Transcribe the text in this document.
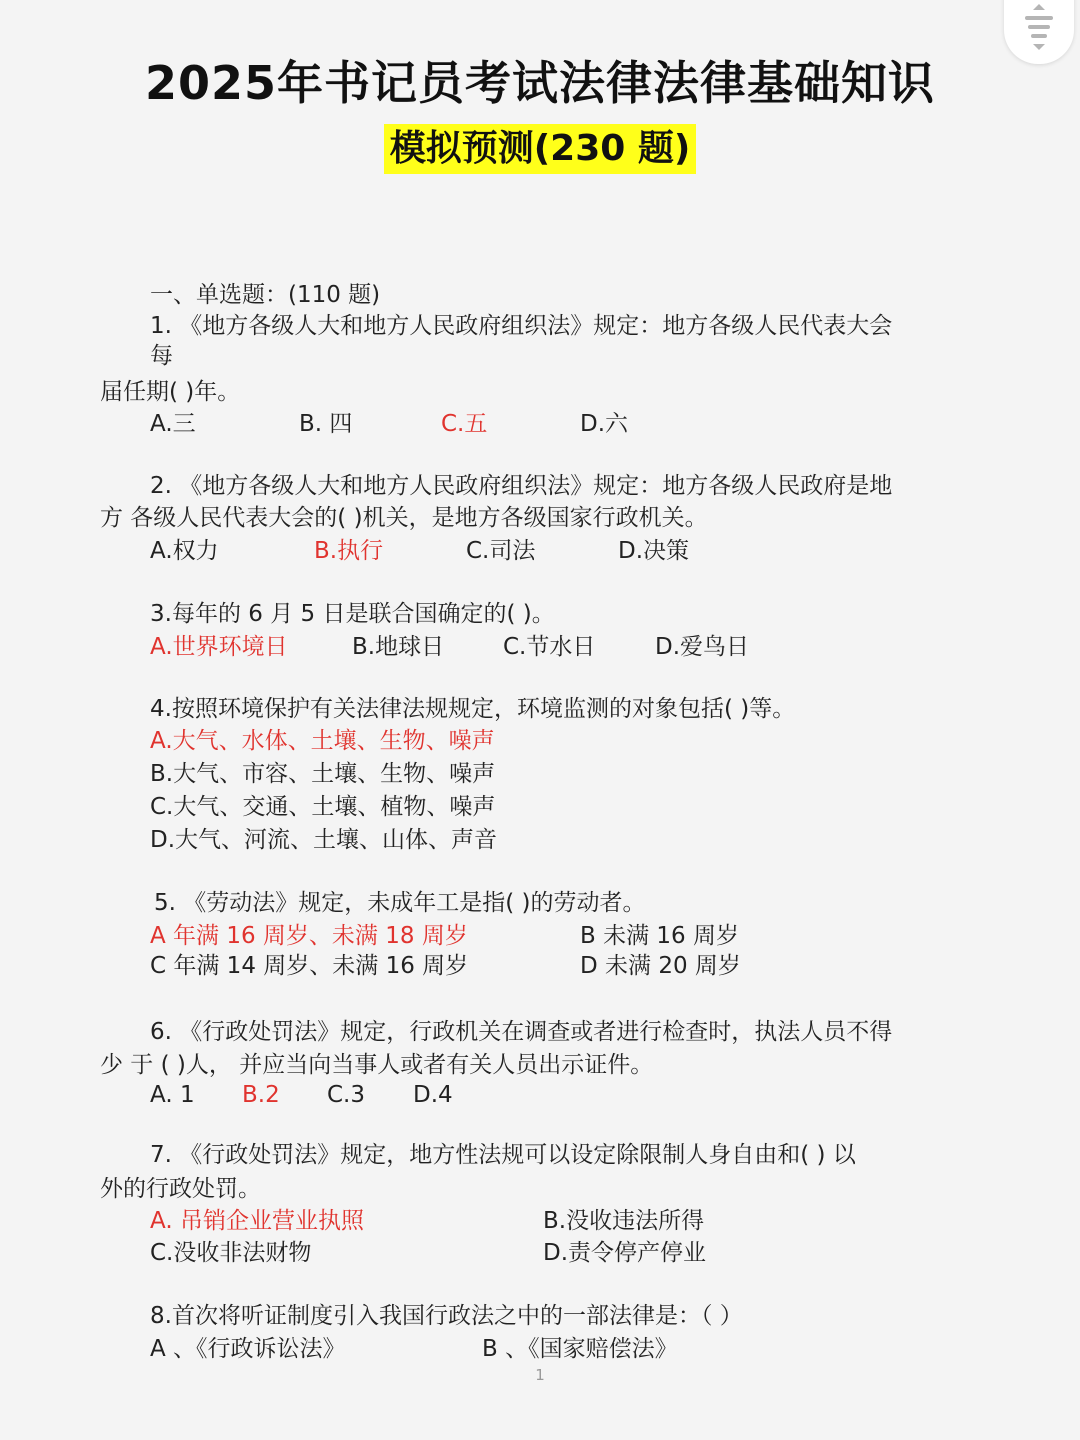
2025年书记员考试法律法律基础知识
模拟预测(230 题)
一、单选题：(110 题)
1. 《地方各级人大和地方人民政府组织法》规定：地方各级人民代表大会
每
届任期( )年。
A.三	B. 四	C.五	D.六
2. 《地方各级人大和地方人民政府组织法》规定：地方各级人民政府是地
方 各级人民代表大会的( )机关，是地方各级国家行政机关。
A.权力	B.执行	C.司法	D.决策
3.每年的 6 月 5 日是联合国确定的( )。
A.世界环境日	B.地球日	C.节水日	D.爱鸟日
4.按照环境保护有关法律法规规定，环境监测的对象包括( )等。
A.大气、水体、土壤、生物、噪声
B.大气、市容、土壤、生物、噪声
C.大气、交通、土壤、植物、噪声
D.大气、河流、土壤、山体、声音
5. 《劳动法》规定，未成年工是指( )的劳动者。
A 年满 16 周岁、未满 18 周岁	B 未满 16 周岁
C 年满 14 周岁、未满 16 周岁	D 未满 20 周岁
6. 《行政处罚法》规定，行政机关在调查或者进行检查时，执法人员不得
少 于 ( )人， 并应当向当事人或者有关人员出示证件。
A. 1 B.2 C.3 D.4
7. 《行政处罚法》规定，地方性法规可以设定除限制人身自由和( ) 以
外的行政处罚。
A. 吊销企业营业执照	B.没收违法所得
C.没收非法财物	D.责令停产停业
8.首次将听证制度引入我国行政法之中的一部法律是：（ ）
A 、《行政诉讼法》	B 、《国家赔偿法》
1
